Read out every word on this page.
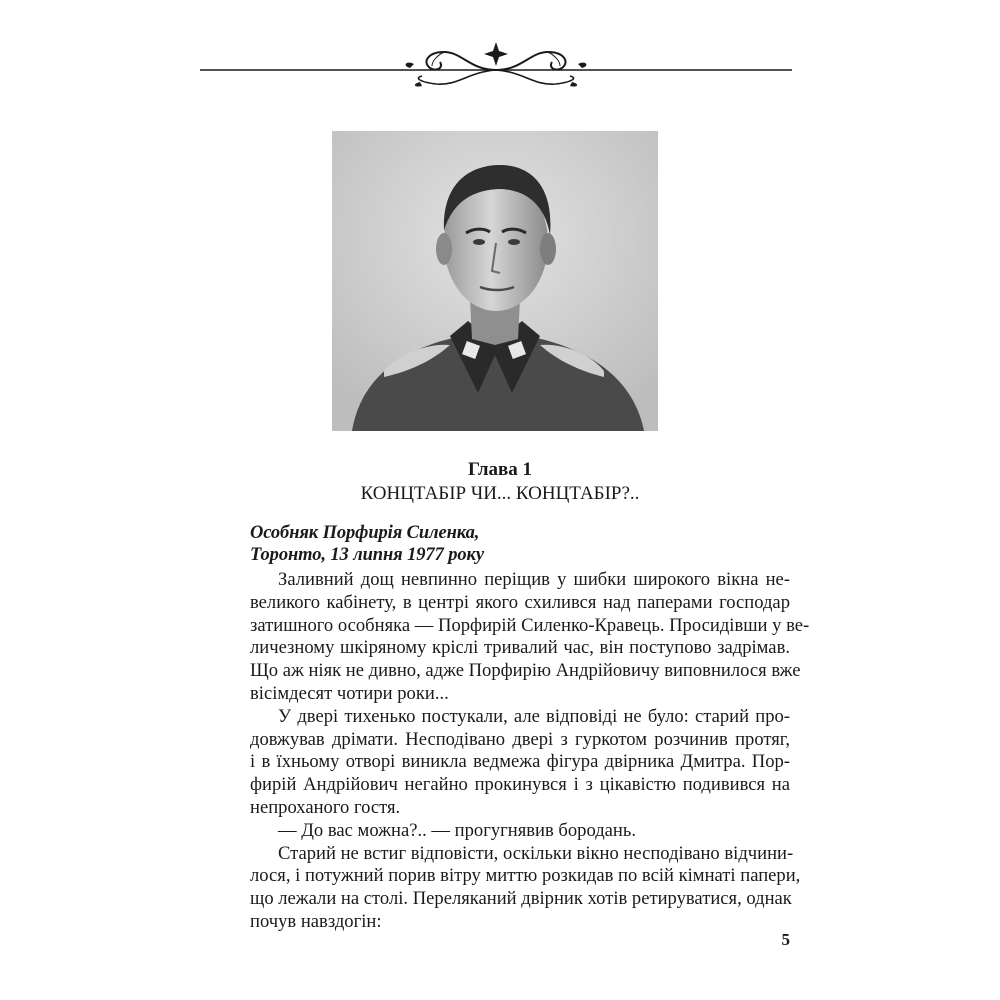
Глава 1
КОНЦТАБІР ЧИ... КОНЦТАБІР?..
Особняк Порфирія Силенка,
Торонто, 13 липня 1977 року
Заливний дощ невпинно періщив у шибки широкого вікна не-
великого кабінету, в центрі якого схилився над паперами господар
затишного особняка — Порфирій Силенко-Кравець. Просидівши у ве-
личезному шкіряному кріслі тривалий час, він поступово задрімав.
Що аж ніяк не дивно, адже Порфирію Андрійовичу виповнилося вже
вісімдесят чотири роки...
У двері тихенько постукали, але відповіді не було: старий про-
довжував дрімати. Несподівано двері з гуркотом розчинив протяг,
і в їхньому отворі виникла ведмежа фігура двірника Дмитра. Пор-
фирій Андрійович негайно прокинувся і з цікавістю подивився на
непроханого гостя.
— До вас можна?.. — прогугнявив бородань.
Старий не встиг відповісти, оскільки вікно несподівано відчини-
лося, і потужний порив вітру миттю розкидав по всій кімнаті папери,
що лежали на столі. Переляканий двірник хотів ретируватися, однак
почув навздогін:
5
